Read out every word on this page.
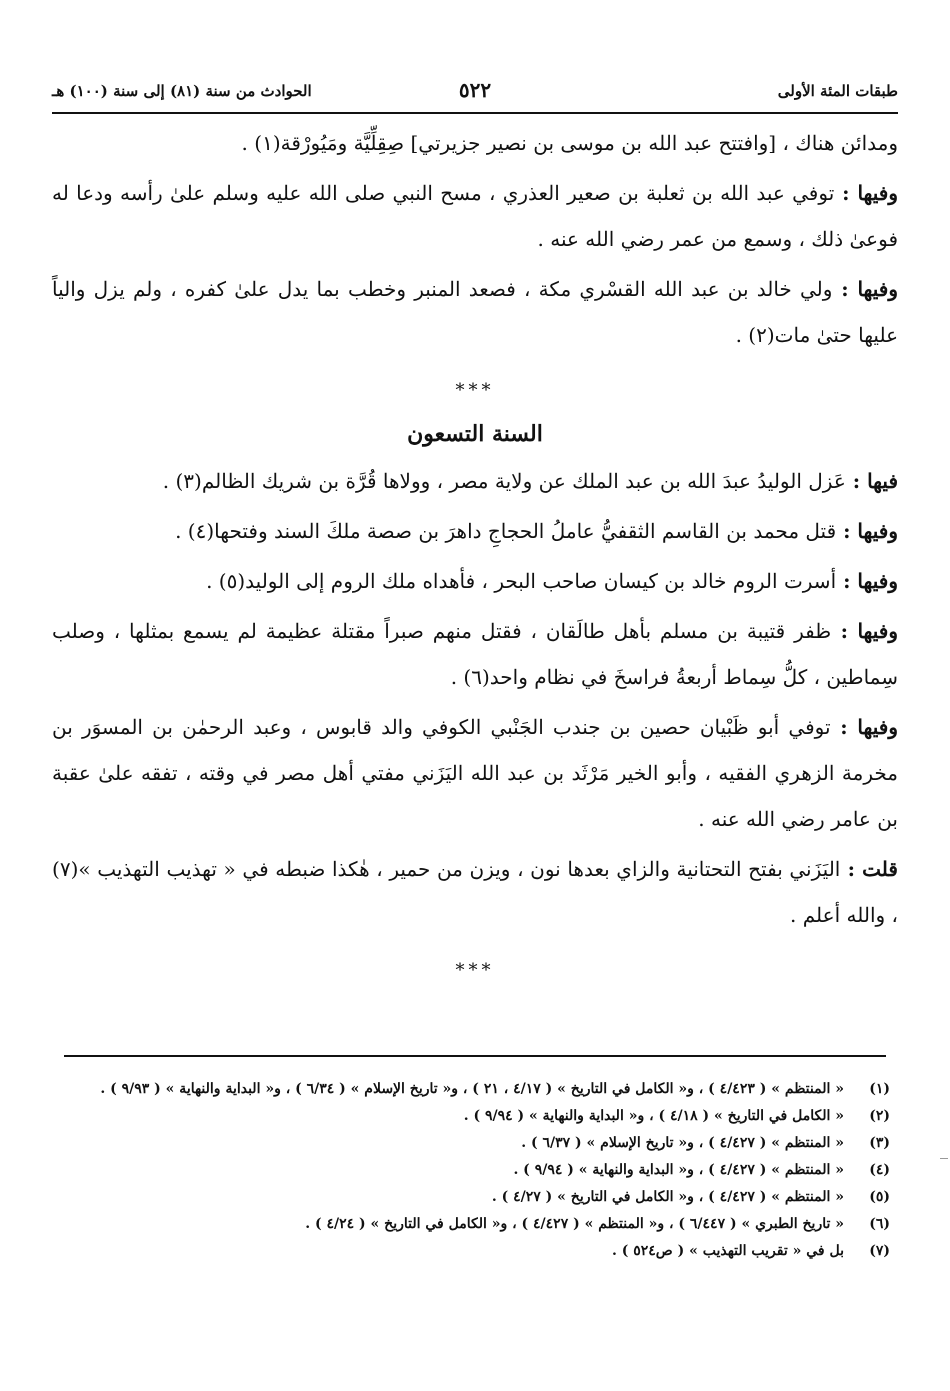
طبقات المئة الأولى
٥٢٢
الحوادث من سنة (٨١) إلى سنة (١٠٠) هـ

ومدائن هناك ، [وافتتح عبد الله بن موسى بن نصير جزيرتي] صِقِلِّيَّة ومَيُورْقة(١) .

وفيها : توفي عبد الله بن ثعلبة بن صعير العذري ، مسح النبي صلى الله عليه وسلم علىٰ رأسه ودعا له فوعىٰ ذلك ، وسمع من عمر رضي الله عنه .

وفيها : ولي خالد بن عبد الله القسْري مكة ، فصعد المنبر وخطب بما يدل علىٰ كفره ، ولم يزل والياً عليها حتىٰ مات(٢) .

***
السنة التسعون

فيها : عَزل الوليدُ عبدَ الله بن عبد الملك عن ولاية مصر ، وولاها قُرَّة بن شريك الظالم(٣) .

وفيها : قتل محمد بن القاسم الثقفيُّ عاملُ الحجاجِ داهرَ بن صصة ملكَ السند وفتحها(٤) .

وفيها : أسرت الروم خالد بن كيسان صاحب البحر ، فأهداه ملك الروم إلى الوليد(٥) .

وفيها : ظفر قتيبة بن مسلم بأهل طالَقان ، فقتل منهم صبراً مقتلة عظيمة لم يسمع بمثلها ، وصلب سِماطين ، كلُّ سِماط أربعةُ فراسخَ في نظام واحد(٦) .

وفيها : توفي أبو ظَبْيان حصين بن جندب الجَنْبي الكوفي والد قابوس ، وعبد الرحمٰن بن المسوَر بن مخرمة الزهري الفقيه ، وأبو الخير مَرْثَد بن عبد الله اليَزَني مفتي أهل مصر في وقته ، تفقه علىٰ عقبة بن عامر رضي الله عنه .

قلت : اليَزَني بفتح التحتانية والزاي بعدها نون ، ويزن من حمير ، هٰكذا ضبطه في « تهذيب التهذيب »(٧) ، والله أعلم .

***
(١)
« المنتظم » ( ٤/٤٢٣ ) ، و« الكامل في التاريخ » ( ٤/١٧ ، ٢١ ) ، و« تاريخ الإسلام » ( ٦/٣٤ ) ، و« البداية والنهاية » ( ٩/٩٣ ) .
(٢)
« الكامل في التاريخ » ( ٤/١٨ ) ، و« البداية والنهاية » ( ٩/٩٤ ) .
(٣)
« المنتظم » ( ٤/٤٢٧ ) ، و« تاريخ الإسلام » ( ٦/٣٧ ) .
(٤)
« المنتظم » ( ٤/٤٢٧ ) ، و« البداية والنهاية » ( ٩/٩٤ ) .
(٥)
« المنتظم » ( ٤/٤٢٧ ) ، و« الكامل في التاريخ » ( ٤/٢٧ ) .
(٦)
« تاريخ الطبري » ( ٦/٤٤٧ ) ، و« المنتظم » ( ٤/٤٢٧ ) ، و« الكامل في التاريخ » ( ٤/٢٤ ) .
(٧)
بل في « تقريب التهذيب » ( ص٥٢٤ ) .
